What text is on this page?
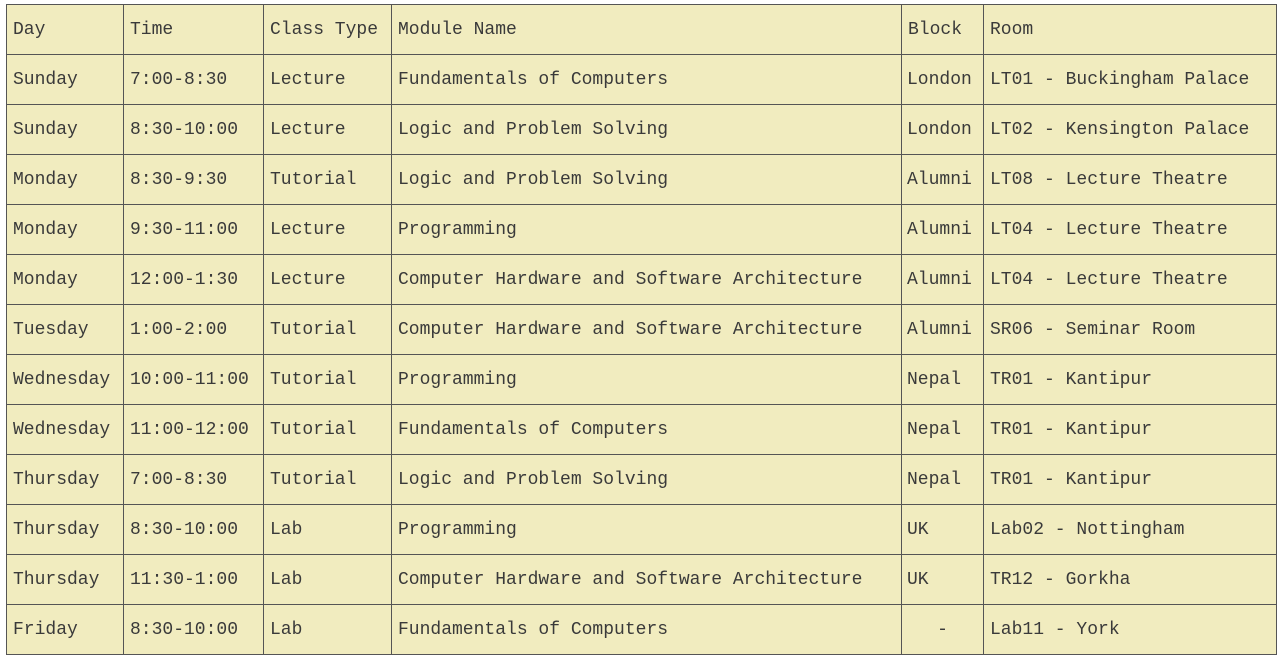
Day	Time	Class Type	Module Name	Block	Room
Sunday	7:00-8:30	Lecture	Fundamentals of Computers	London	LT01 - Buckingham Palace
Sunday	8:30-10:00	Lecture	Logic and Problem Solving	London	LT02 - Kensington Palace
Monday	8:30-9:30	Tutorial	Logic and Problem Solving	Alumni	LT08 - Lecture Theatre
Monday	9:30-11:00	Lecture	Programming	Alumni	LT04 - Lecture Theatre
Monday	12:00-1:30	Lecture	Computer Hardware and Software Architecture	Alumni	LT04 - Lecture Theatre
Tuesday	1:00-2:00	Tutorial	Computer Hardware and Software Architecture	Alumni	SR06 - Seminar Room
Wednesday	10:00-11:00	Tutorial	Programming	Nepal	TR01 - Kantipur
Wednesday	11:00-12:00	Tutorial	Fundamentals of Computers	Nepal	TR01 - Kantipur
Thursday	7:00-8:30	Tutorial	Logic and Problem Solving	Nepal	TR01 - Kantipur
Thursday	8:30-10:00	Lab	Programming	UK	Lab02 - Nottingham
Thursday	11:30-1:00	Lab	Computer Hardware and Software Architecture	UK	TR12 - Gorkha
Friday	8:30-10:00	Lab	Fundamentals of Computers	-	Lab11 - York
